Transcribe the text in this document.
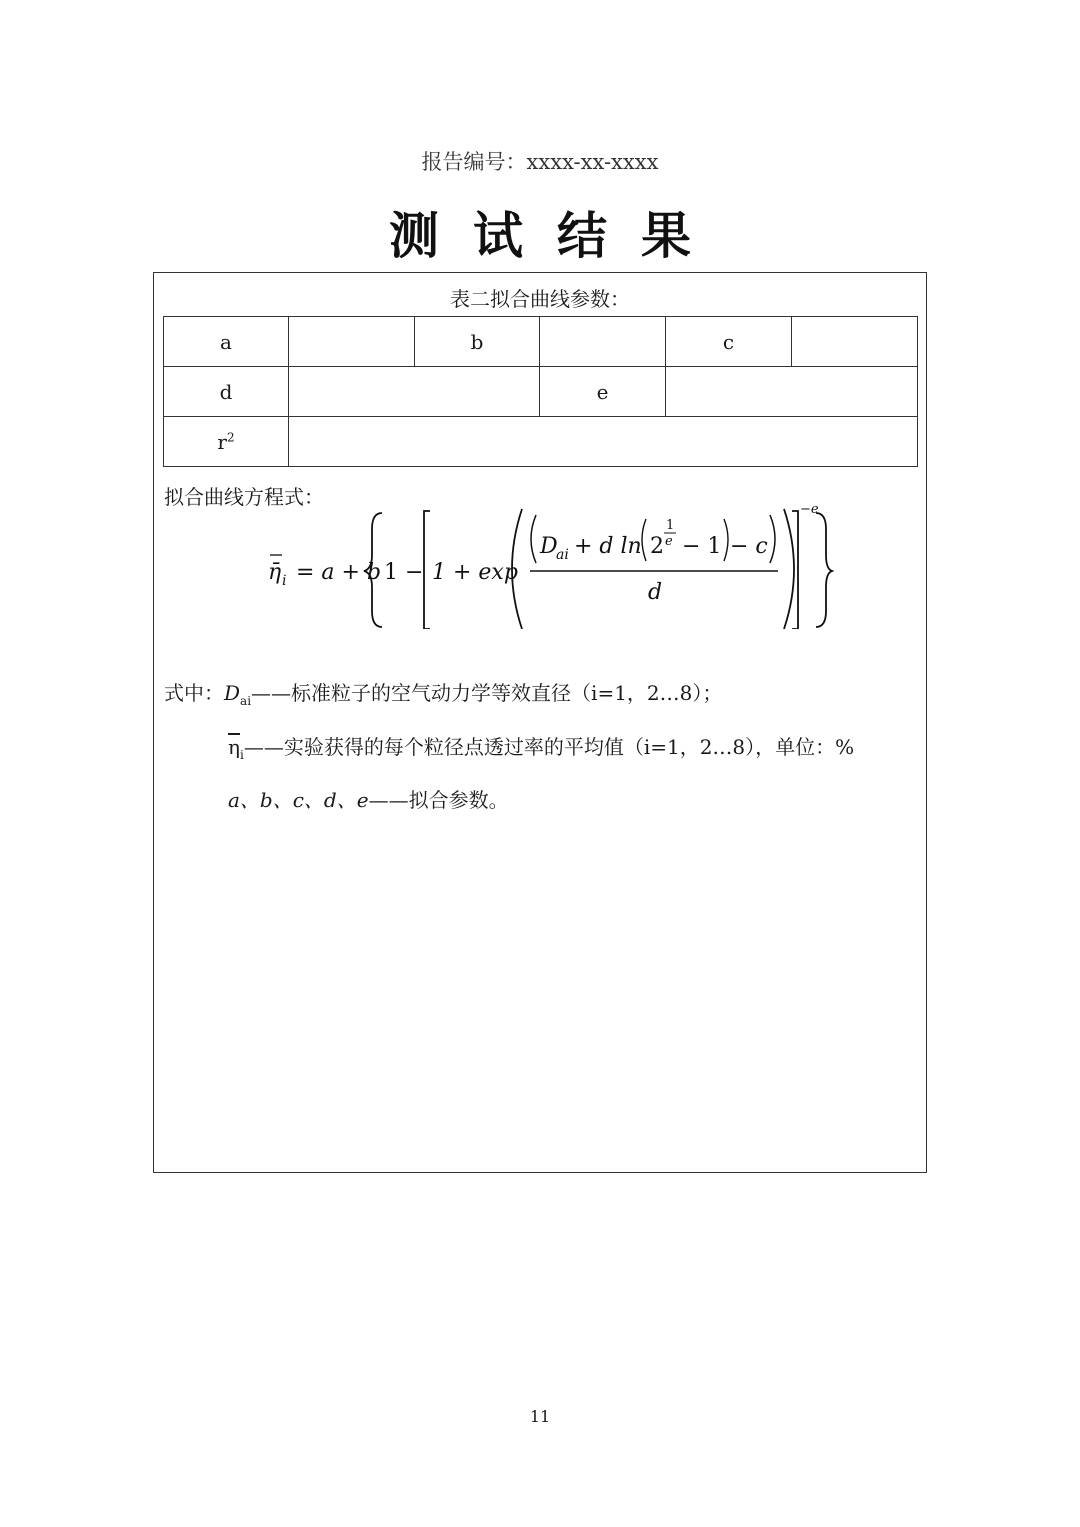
报告编号：xxxx-xx-xxxx
测试结果
表二拟合曲线参数：
a		b		c	
d			e		
$r^2$	
拟合曲线方程式：
η̄ i = a + b 1 − 1 + exp
D
ai + d ln 2
1
e − 1 − c
d
−e
式中：$D_{ai}——$标准粒子的空气动力学等效直径（i=1，2…8）；
$\overline{\eta}_i——$实验获得的每个粒径点透过率的平均值（i=1，2…8），单位：%
a、b、c、d、e——拟合参数。
11
